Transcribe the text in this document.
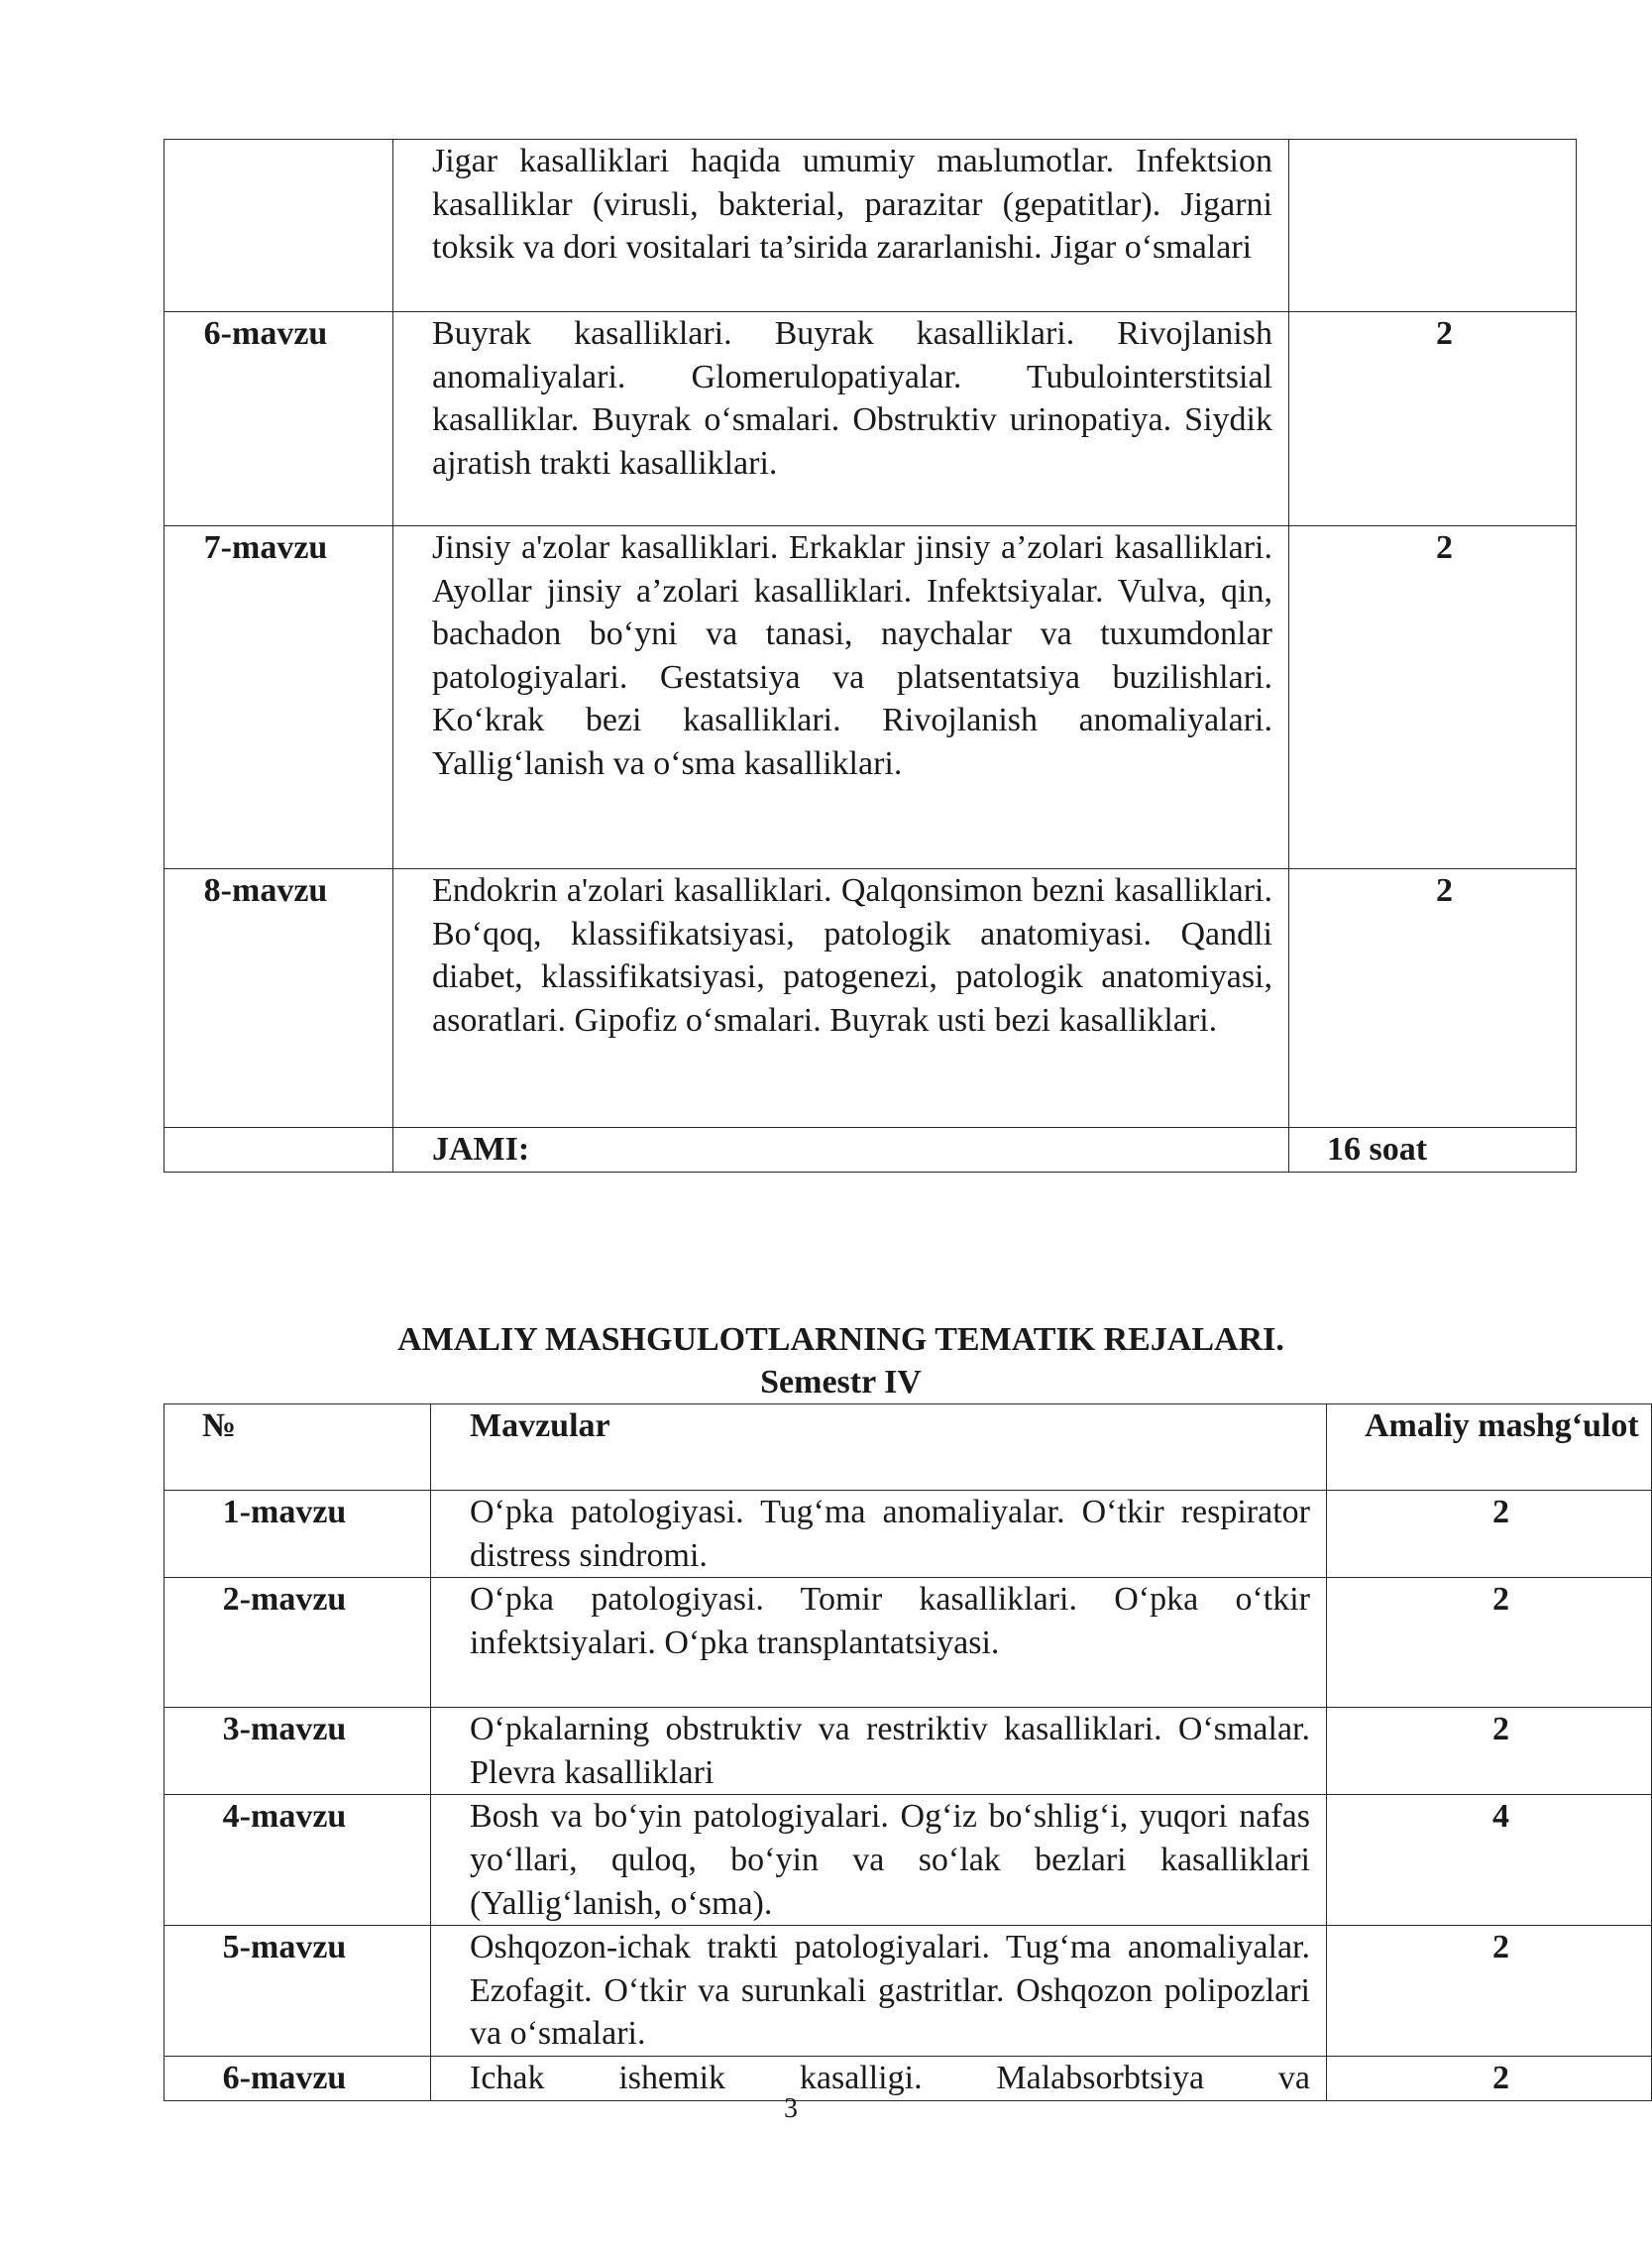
	Jigar kasalliklari haqida umumiy maьlumotlar. Infektsion kasalliklar (virusli, bakterial, parazitar (gepatitlar). Jigarni toksik va dori vositalari ta’sirida zararlanishi. Jigar o‘smalari	
6-mavzu	Buyrak kasalliklari. Buyrak kasalliklari. Rivojlanish anomaliyalari. Glomerulopatiyalar. Tubulointerstitsial kasalliklar. Buyrak o‘smalari. Obstruktiv urinopatiya. Siydik ajratish trakti kasalliklari.	2
7-mavzu	Jinsiy a'zolar kasalliklari. Erkaklar jinsiy a’zolari kasalliklari. Ayollar jinsiy a’zolari kasalliklari. Infektsiyalar. Vulva, qin, bachadon bo‘yni va tanasi, naychalar va tuxumdonlar patologiyalari. Gestatsiya va platsentatsiya buzilishlari. Ko‘krak bezi kasalliklari. Rivojlanish anomaliyalari. Yallig‘lanish va o‘sma kasalliklari.	2
8-mavzu	Endokrin a'zolari kasalliklari. Qalqonsimon bezni kasalliklari. Bo‘qoq, klassifikatsiyasi, patologik anatomiyasi. Qandli diabet, klassifikatsiyasi, patogenezi, patologik anatomiyasi, asoratlari. Gipofiz o‘smalari. Buyrak usti bezi kasalliklari.	2
	JAMI:	16 soat
AMALIY MASHGULOTLARNING TEMATIK REJALARI.
Semestr IV
№	Mavzular	Amaliy mashg‘ulot
1-mavzu	O‘pka patologiyasi. Tug‘ma anomaliyalar. O‘tkir respirator distress sindromi.	2
2-mavzu	O‘pka patologiyasi. Tomir kasalliklari. O‘pka o‘tkir infektsiyalari. O‘pka transplantatsiyasi.	2
3-mavzu	O‘pkalarning obstruktiv va restriktiv kasalliklari. O‘smalar. Plevra kasalliklari	2
4-mavzu	Bosh va bo‘yin patologiyalari. Og‘iz bo‘shlig‘i, yuqori nafas yo‘llari, quloq, bo‘yin va so‘lak bezlari kasalliklari (Yallig‘lanish, o‘sma).	4
5-mavzu	Oshqozon-ichak trakti patologiyalari. Tug‘ma anomaliyalar. Ezofagit. O‘tkir va surunkali gastritlar. Oshqozon polipozlari va o‘smalari.	2
6-mavzu	Ichak ishemik kasalligi. Malabsorbtsiya va	2
3
